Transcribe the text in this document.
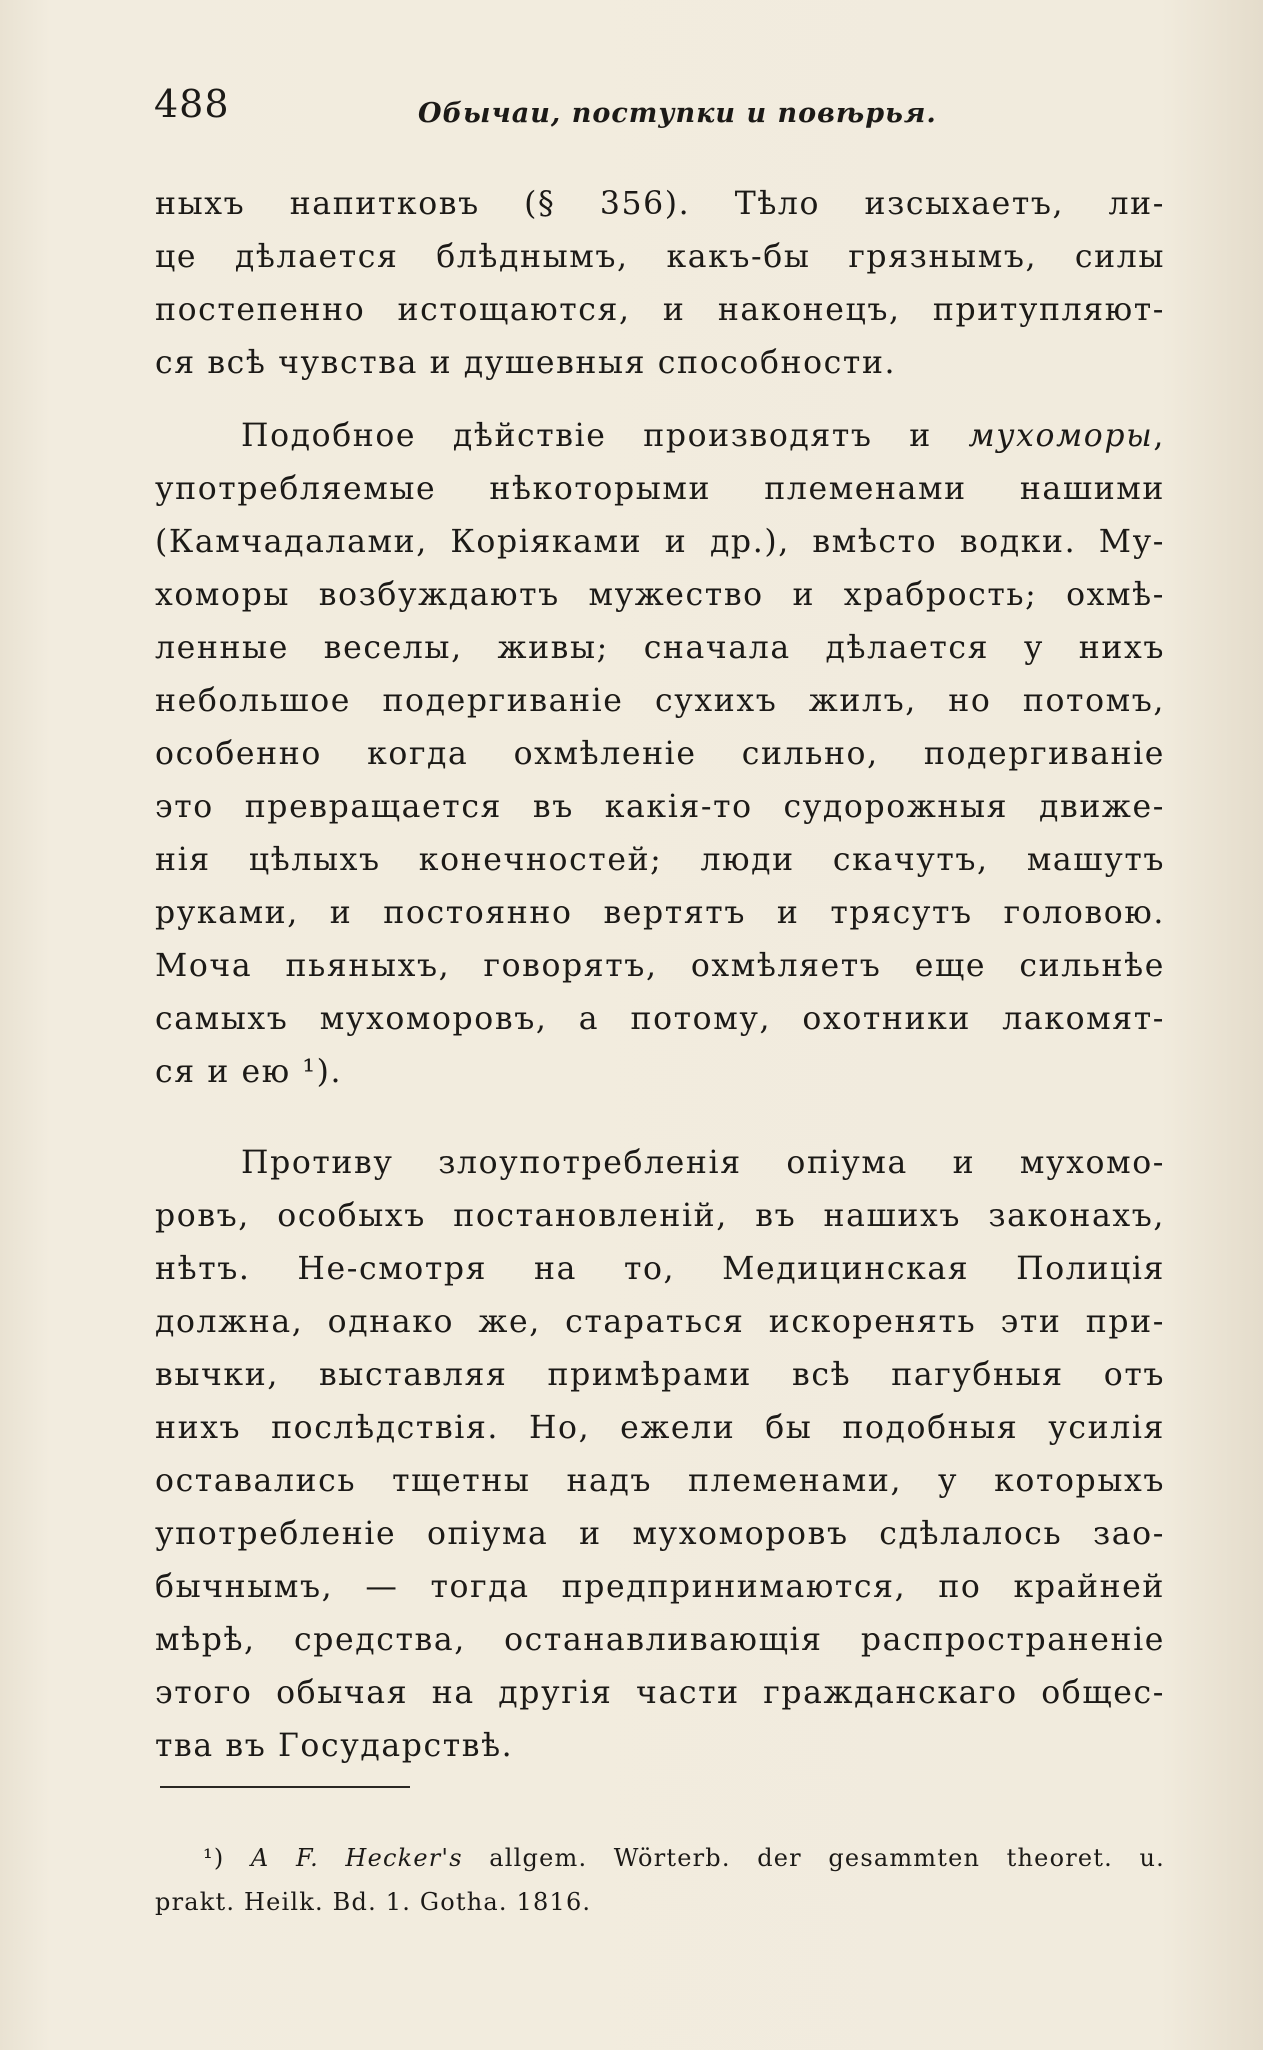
488	Обычаи, поступки и повѣрья.
ныхъ напитковъ (§ 356). Тѣло изсыхаетъ, ли-
це дѣлается блѣднымъ, какъ-бы грязнымъ, силы
постепенно истощаются, и наконецъ, притупляют-
ся всѣ чувства и душевныя способности.
Подобное дѣйствіе производятъ и мухоморы,
употребляемые нѣкоторыми племенами нашими
(Камчадалами, Коріяками и др.), вмѣсто водки. Му-
хоморы возбуждаютъ мужество и храбрость; охмѣ-
ленные веселы, живы; сначала дѣлается у нихъ
небольшое подергиваніе сухихъ жилъ, но потомъ,
особенно когда охмѣленіе сильно, подергиваніе
это превращается въ какія-то судорожныя движе-
нія цѣлыхъ конечностей; люди скачутъ, машутъ
руками, и постоянно вертятъ и трясутъ головою.
Моча пьяныхъ, говорятъ, охмѣляетъ еще сильнѣе
самыхъ мухоморовъ, а потому, охотники лакомят-
ся и ею ¹).
Противу злоупотребленія опіума и мухомо-
ровъ, особыхъ постановленій, въ нашихъ законахъ,
нѣтъ. Не-смотря на то, Медицинская Полиція
должна, однако же, стараться искоренять эти при-
вычки, выставляя примѣрами всѣ пагубныя отъ
нихъ послѣдствія. Но, ежели бы подобныя усилія
оставались тщетны надъ племенами, у которыхъ
употребленіе опіума и мухоморовъ сдѣлалось зао-
бычнымъ, — тогда предпринимаются, по крайней
мѣрѣ, средства, останавливающія распространеніе
этого обычая на другія части гражданскаго общес-
тва въ Государствѣ.
¹) A F. Hecker's allgem. Wörterb. der gesammten theoret. u.
prakt. Heilk. Bd. 1. Gotha. 1816.
